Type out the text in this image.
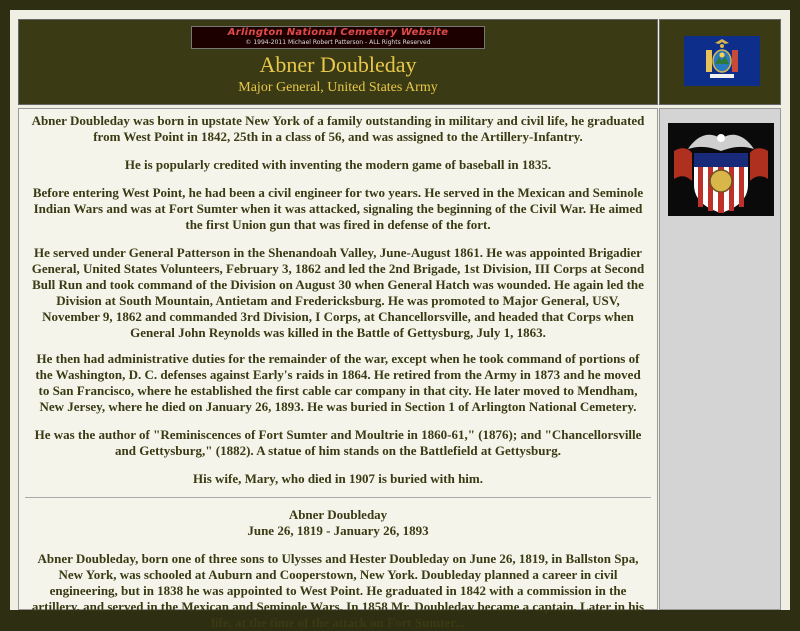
Arlington National Cemetery Website
© 1994-2011 Michael Robert Patterson - ALL Rights Reserved
Abner Doubleday
Major General, United States Army

Abner Doubleday was born in upstate New York of a family outstanding in military and civil life, he graduated from West Point in 1842, 25th in a class of 56, and was assigned to the Artillery-Infantry.

He is popularly credited with inventing the modern game of baseball in 1835.

Before entering West Point, he had been a civil engineer for two years. He served in the Mexican and Seminole Indian Wars and was at Fort Sumter when it was attacked, signaling the beginning of the Civil War. He aimed the first Union gun that was fired in defense of the fort.

He served under General Patterson in the Shenandoah Valley, June-August 1861. He was appointed Brigadier General, United States Volunteers, February 3, 1862 and led the 2nd Brigade, 1st Division, III Corps at Second Bull Run and took command of the Division on August 30 when General Hatch was wounded. He again led the Division at South Mountain, Antietam and Fredericksburg. He was promoted to Major General, USV, November 9, 1862 and commanded 3rd Division, I Corps, at Chancellorsville, and headed that Corps when General John Reynolds was killed in the Battle of Gettysburg, July 1, 1863.

He then had administrative duties for the remainder of the war, except when he took command of portions of the Washington, D. C. defenses against Early's raids in 1864. He retired from the Army in 1873 and he moved to San Francisco, where he established the first cable car company in that city. He later moved to Mendham, New Jersey, where he died on January 26, 1893. He was buried in Section 1 of Arlington National Cemetery.

He was the author of "Reminiscences of Fort Sumter and Moultrie in 1860-61," (1876); and "Chancellorsville and Gettysburg," (1882). A statue of him stands on the Battlefield at Gettysburg.

His wife, Mary, who died in 1907 is buried with him.

Abner Doubleday
June 26, 1819 - January 26, 1893

Abner Doubleday, born one of three sons to Ulysses and Hester Doubleday on June 26, 1819, in Ballston Spa, New York, was schooled at Auburn and Cooperstown, New York. Doubleday planned a career in civil engineering, but in 1838 he was appointed to West Point. He graduated in 1842 with a commission in the artillery, and served in the Mexican and Seminole Wars. In 1858 Mr. Doubleday became a captain. Later in his life, at the time of the attack on Fort Sumter...
